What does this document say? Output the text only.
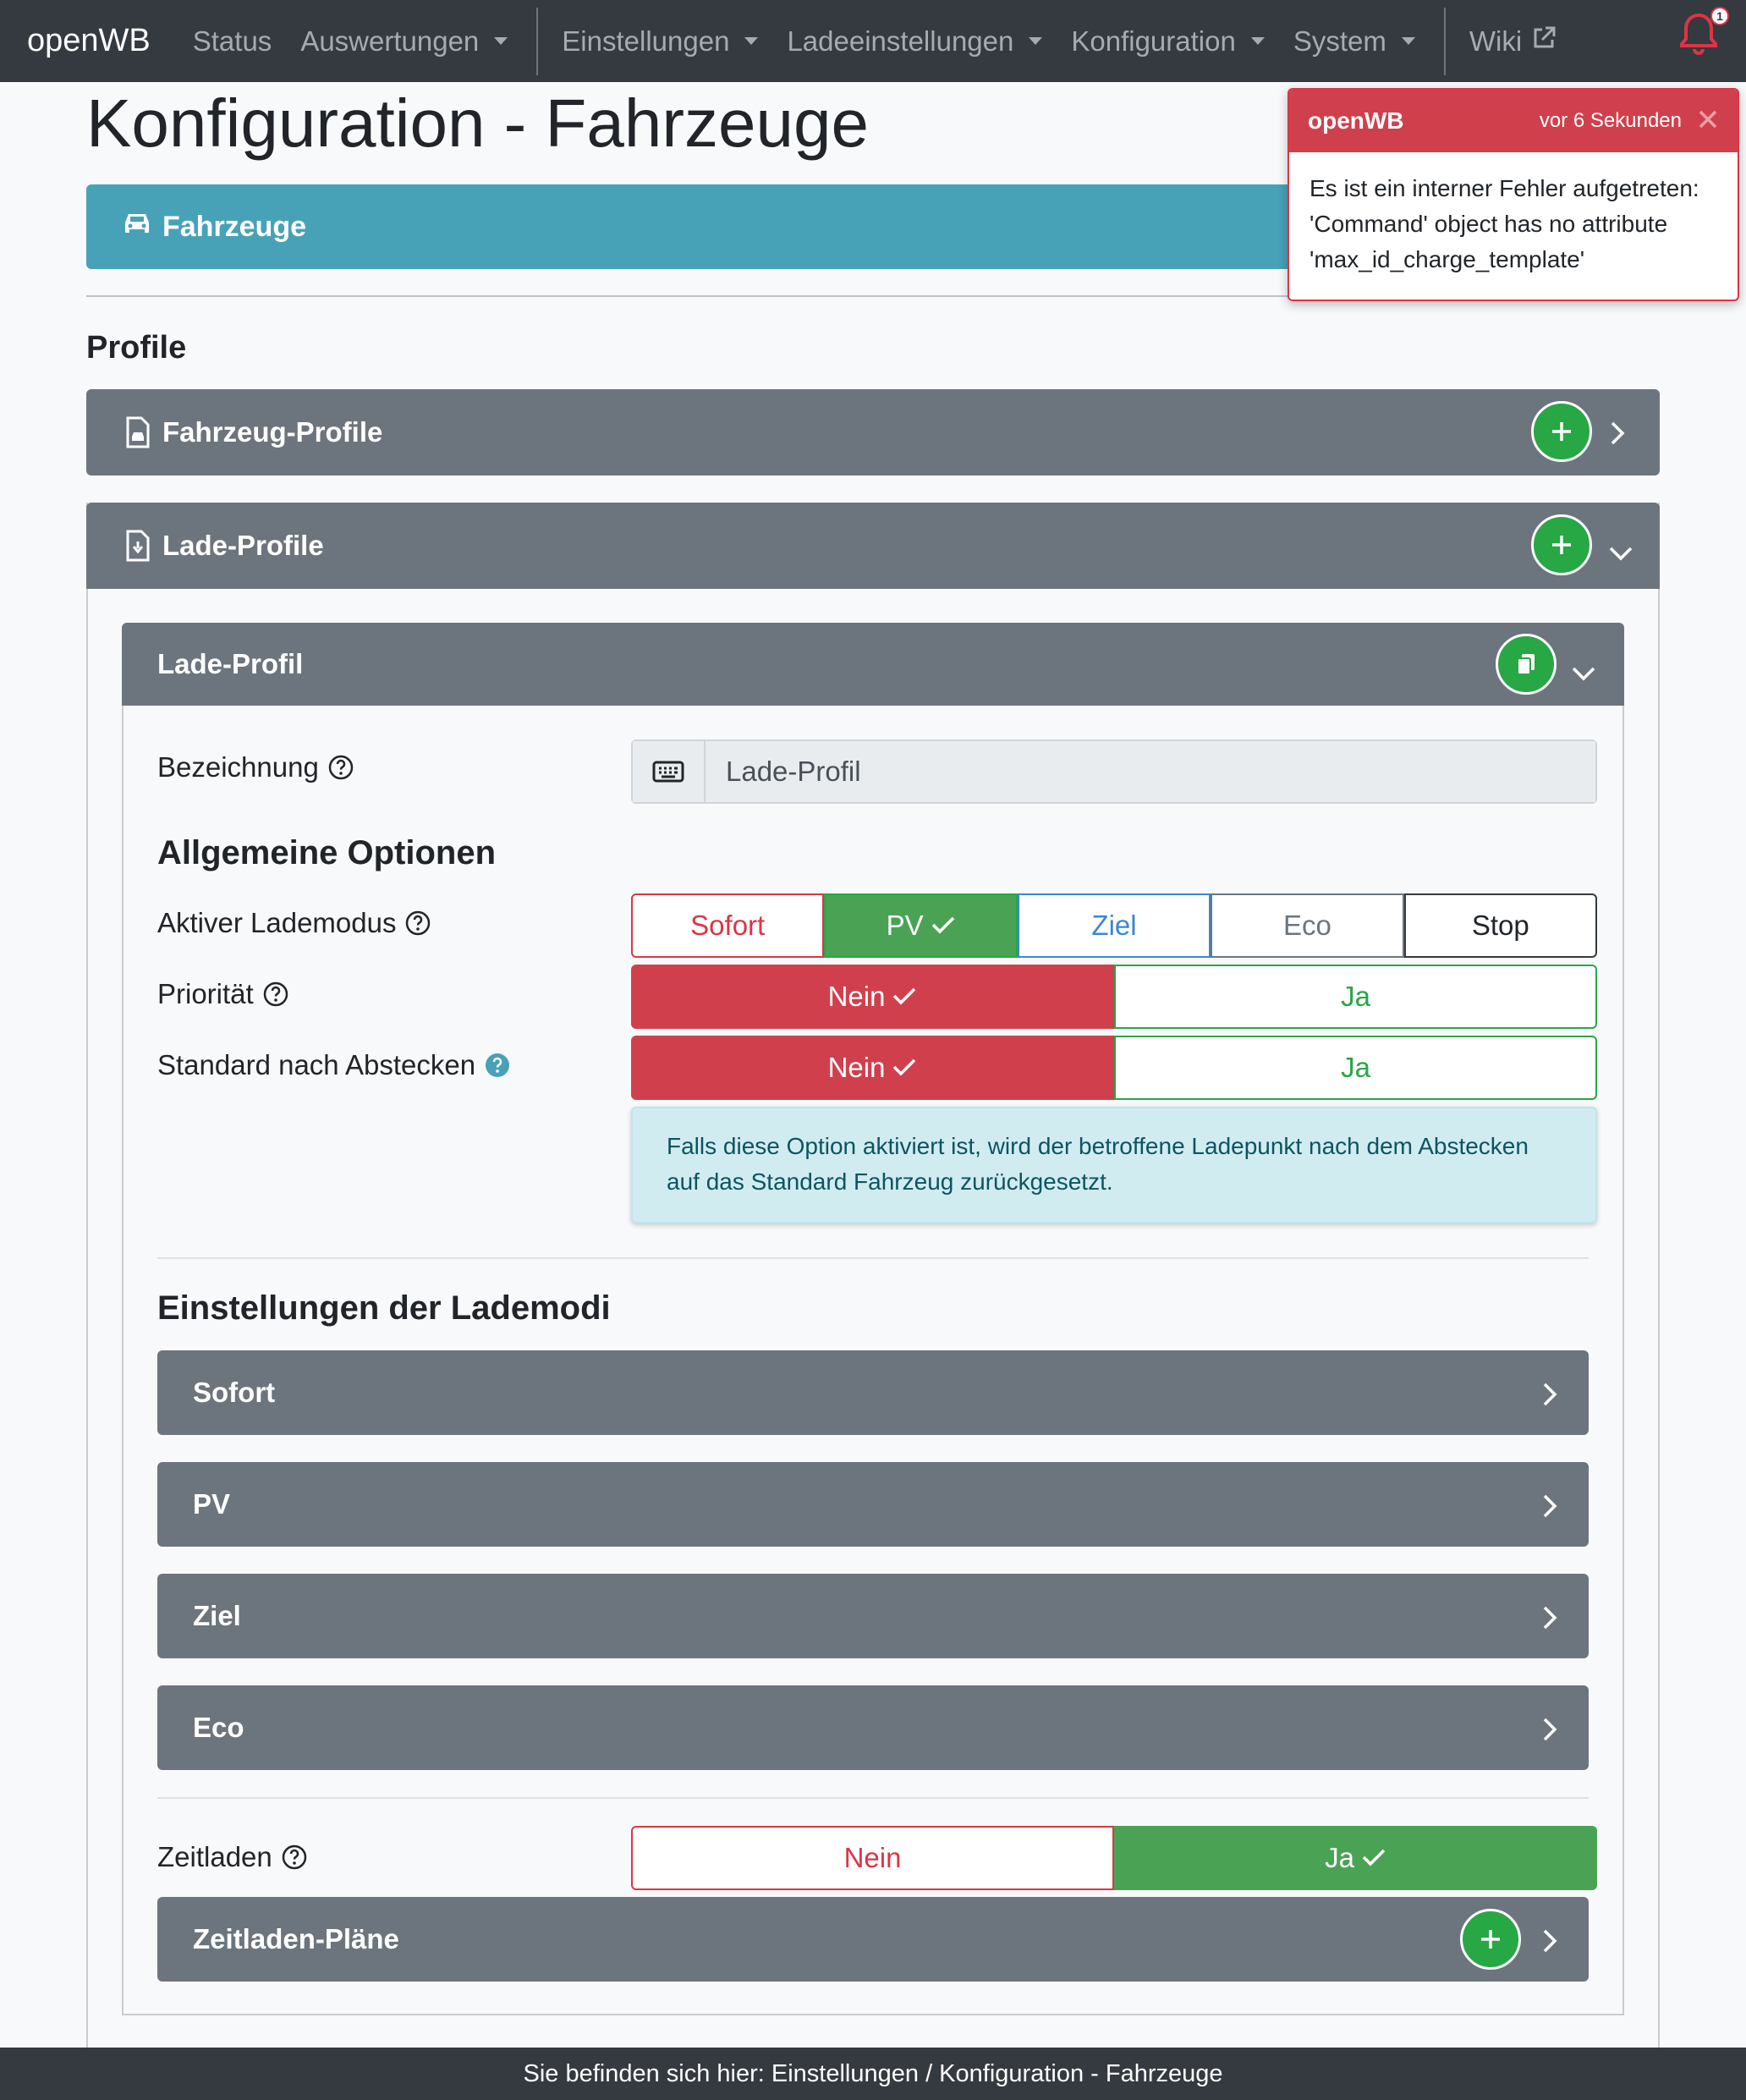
openWB Status Auswertungen	Einstellungen Ladeeinstellungen Konfiguration System	Wiki
1
Konfiguration - Fahrzeuge
Fahrzeuge
Profile
Fahrzeug-Profile
Lade-Profile
Lade-Profil
Bezeichnung
Lade-Profil
Allgemeine Optionen
Aktiver Lademodus	Sofort	PV	Ziel	Eco	Stop
Priorität	Nein	Ja
Standard nach Abstecken	Nein	Ja
Falls diese Option aktiviert ist, wird der betroffene Ladepunkt nach dem Abstecken auf das Standard Fahrzeug zurückgesetzt.
Einstellungen der Lademodi
Sofort
PV
Ziel
Eco
Zeitladen	Nein	Ja
Zeitladen-Pläne
openWB	vor 6 Sekunden
Es ist ein interner Fehler aufgetreten: 'Command' object has no attribute 'max_id_charge_template'
Sie befinden sich hier: Einstellungen / Konfiguration - Fahrzeuge
